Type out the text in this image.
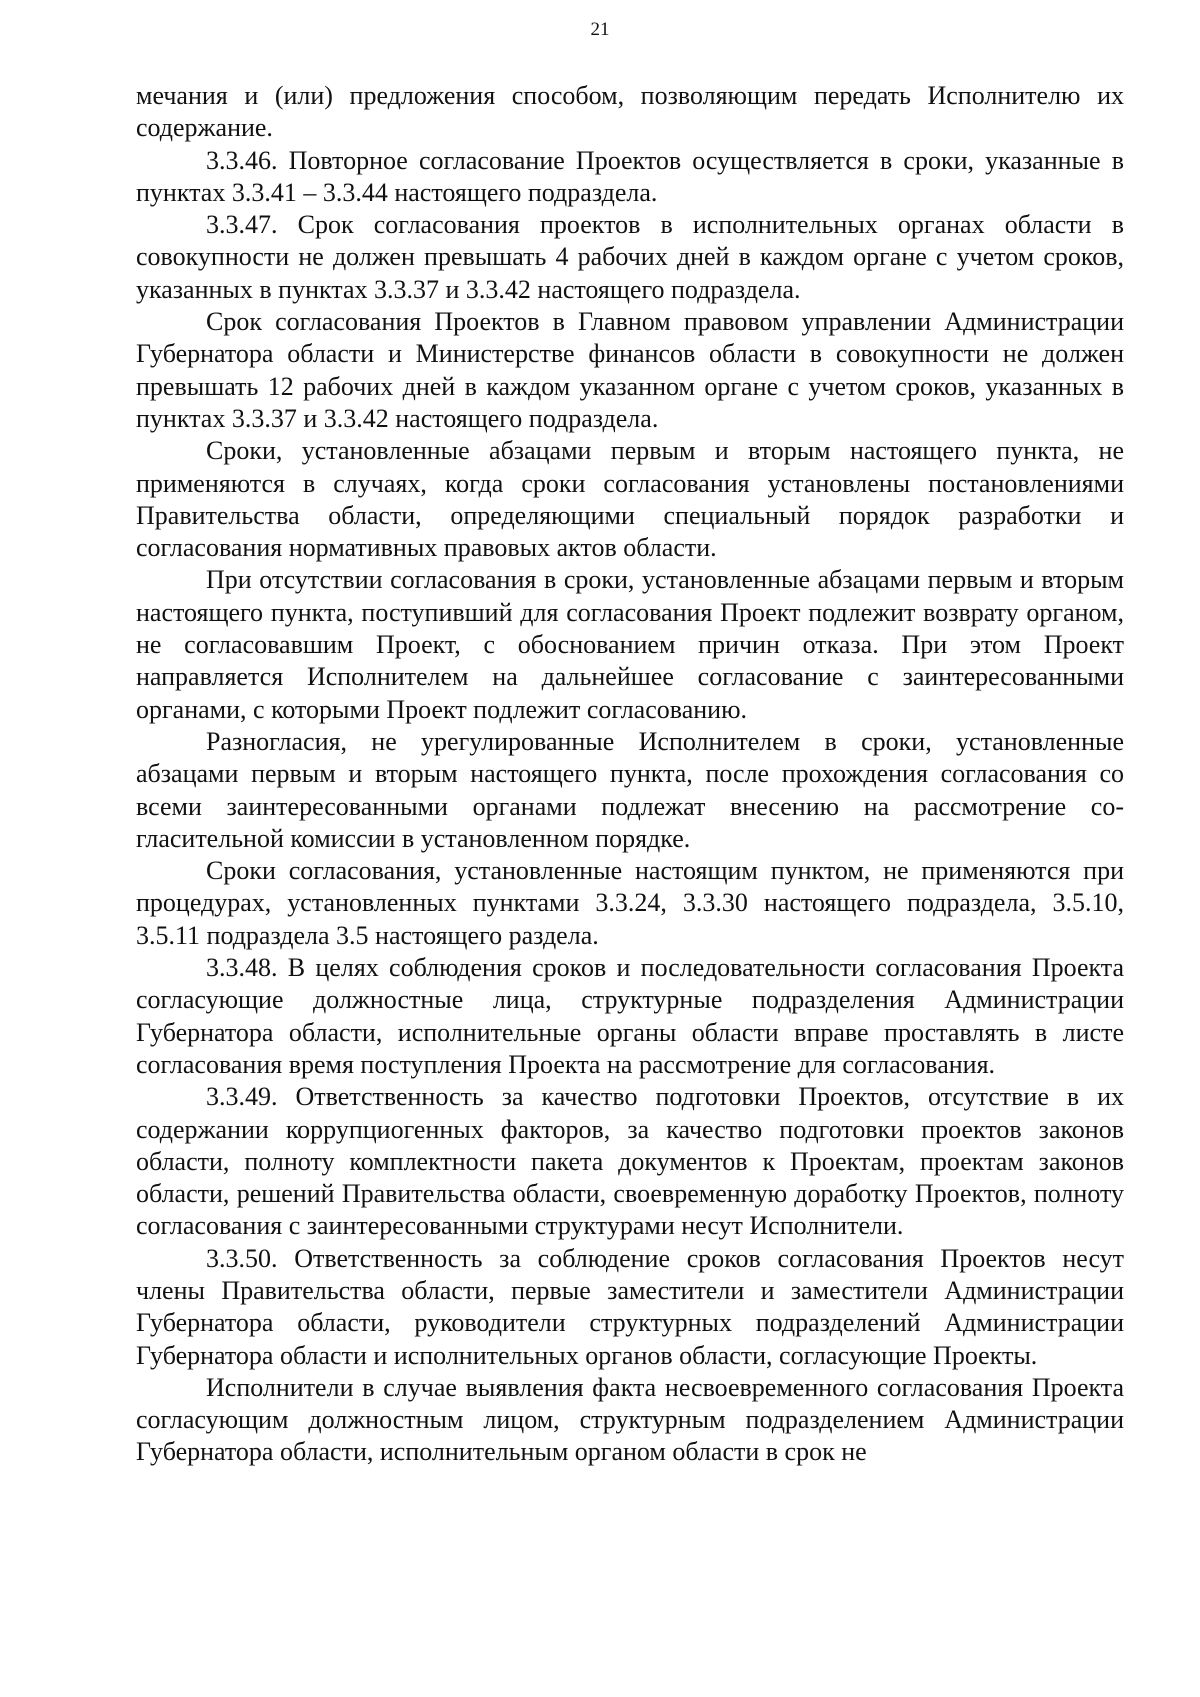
21

мечания и (или) предложения способом, позволяющим передать Исполнителю их содержание.

3.3.46. Повторное согласование Проектов осуществляется в сроки, указанные в пунктах 3.3.41 – 3.3.44 настоящего подраздела.

3.3.47. Срок согласования проектов в исполнительных органах области в совокупности не должен превышать 4 рабочих дней в каждом органе с учетом сроков, указанных в пунктах 3.3.37 и 3.3.42 настоящего подраздела.

Срок согласования Проектов в Главном правовом управлении Администрации Губернатора области и Министерстве финансов области в совокупности не должен превышать 12 рабочих дней в каждом указанном органе с учетом сроков, указанных в пунктах 3.3.37 и 3.3.42 настоящего подраздела.

Сроки, установленные абзацами первым и вторым настоящего пункта, не применяются в случаях, когда сроки согласования установлены постановлениями Правительства области, определяющими специальный порядок разработки и согласования нормативных правовых актов области.

При отсутствии согласования в сроки, установленные абзацами первым и вторым настоящего пункта, поступивший для согласования Проект подлежит возврату органом, не согласовавшим Проект, с обоснованием причин отказа. При этом Проект направляется Исполнителем на дальнейшее согласование с заинтересованными органами, с которыми Проект подлежит согласованию.

Разногласия, не урегулированные Исполнителем в сроки, установленные абзацами первым и вторым настоящего пункта, после прохождения согласования со всеми заинтересованными органами подлежат внесению на рассмотрение согласительной комиссии в установленном порядке.

Сроки согласования, установленные настоящим пунктом, не применяются при процедурах, установленных пунктами 3.3.24, 3.3.30 настоящего подраздела, 3.5.10, 3.5.11 подраздела 3.5 настоящего раздела.

3.3.48. В целях соблюдения сроков и последовательности согласования Проекта согласующие должностные лица, структурные подразделения Администрации Губернатора области, исполнительные органы области вправе проставлять в листе согласования время поступления Проекта на рассмотрение для согласования.

3.3.49. Ответственность за качество подготовки Проектов, отсутствие в их содержании коррупциогенных факторов, за качество подготовки проектов законов области, полноту комплектности пакета документов к Проектам, проектам законов области, решений Правительства области, своевременную доработку Проектов, полноту согласования с заинтересованными структурами несут Исполнители.

3.3.50. Ответственность за соблюдение сроков согласования Проектов несут члены Правительства области, первые заместители и заместители Администрации Губернатора области, руководители структурных подразделений Администрации Губернатора области и исполнительных органов области, согласующие Проекты.

Исполнители в случае выявления факта несвоевременного согласования Проекта согласующим должностным лицом, структурным подразделением Администрации Губернатора области, исполнительным органом области в срок не
